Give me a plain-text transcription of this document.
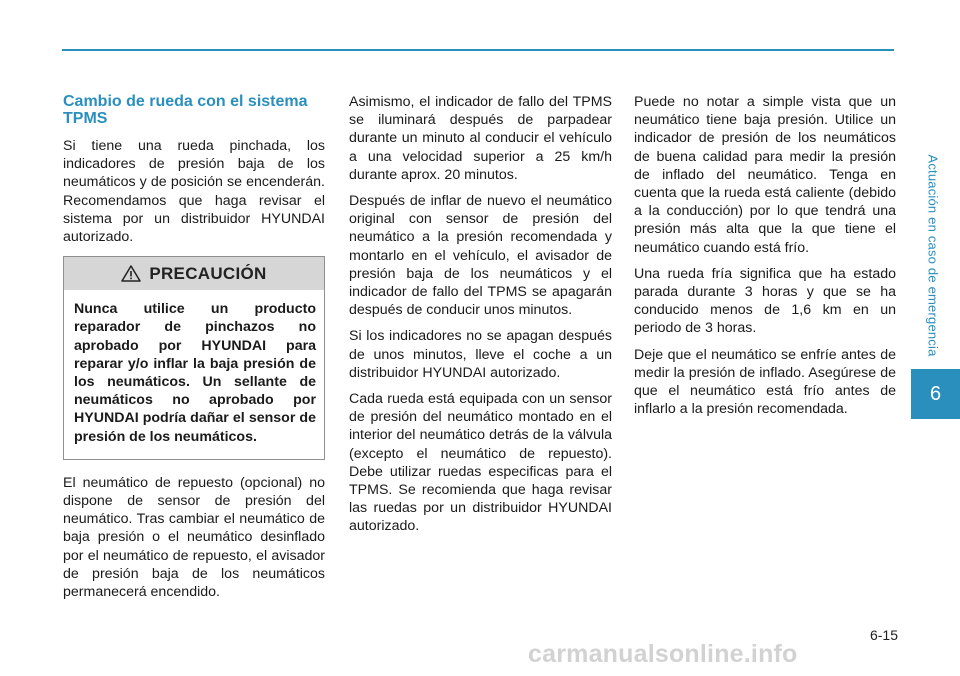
Cambio de rueda con el sistema TPMS

Si tiene una rueda pinchada, los indicadores de presión baja de los neumáticos y de posición se encenderán. Recomendamos que haga revisar el sistema por un distribuidor HYUNDAI autorizado.

PRECAUCIÓN
Nunca utilice un producto reparador de pinchazos no aprobado por HYUNDAI para reparar y/o inflar la baja presión de los neumáticos. Un sellante de neumáticos no aprobado por HYUNDAI podría dañar el sensor de presión de los neumáticos.

El neumático de repuesto (opcional) no dispone de sensor de presión del neumático. Tras cambiar el neumático de baja presión o el neumático desinflado por el neumático de repuesto, el avisador de presión baja de los neumáticos permanecerá encendido.

Asimismo, el indicador de fallo del TPMS se iluminará después de parpadear durante un minuto al conducir el vehículo a una velocidad superior a 25 km/h durante aprox. 20 minutos.

Después de inflar de nuevo el neumático original con sensor de presión del neumático a la presión recomendada y montarlo en el vehículo, el avisador de presión baja de los neumáticos y el indicador de fallo del TPMS se apagarán después de conducir unos minutos.

Si los indicadores no se apagan después de unos minutos, lleve el coche a un distribuidor HYUNDAI autorizado.

Cada rueda está equipada con un sensor de presión del neumático montado en el interior del neumático detrás de la válvula (excepto el neumático de repuesto). Debe utilizar ruedas especificas para el TPMS. Se recomienda que haga revisar las ruedas por un distribuidor HYUNDAI autorizado.

Puede no notar a simple vista que un neumático tiene baja presión. Utilice un indicador de presión de los neumáticos de buena calidad para medir la presión de inflado del neumático. Tenga en cuenta que la rueda está caliente (debido a la conducción) por lo que tendrá una presión más alta que la que tiene el neumático cuando está frío.

Una rueda fría significa que ha estado parada durante 3 horas y que se ha conducido menos de 1,6 km en un periodo de 3 horas.

Deje que el neumático se enfríe antes de medir la presión de inflado. Asegúrese de que el neumático está frío antes de inflarlo a la presión recomendada.

Actuación en caso de emergencia
6
6-15
carmanualsonline.info
